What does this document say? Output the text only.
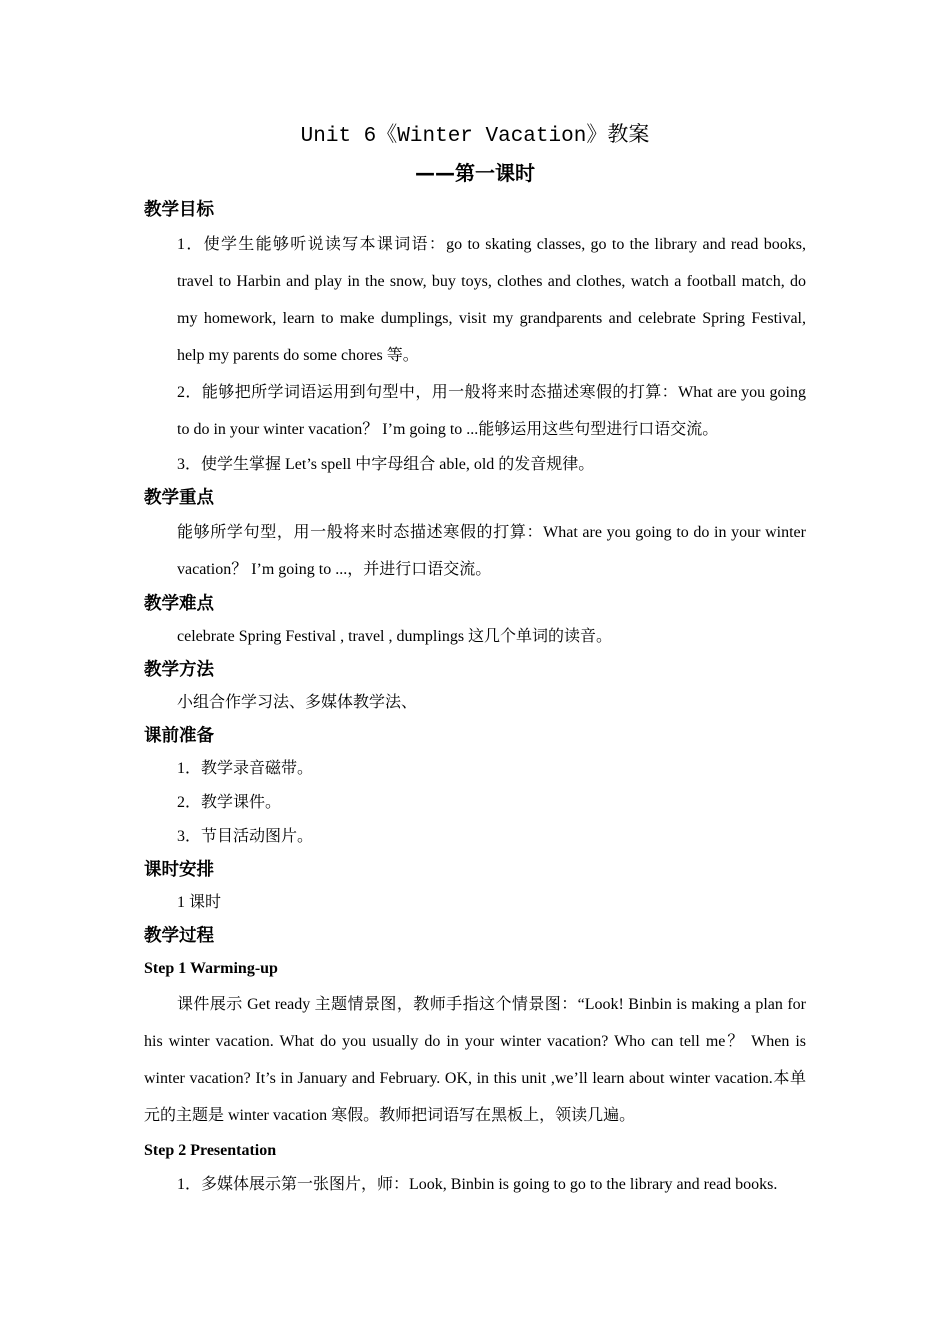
Unit 6《Winter Vacation》教案
——第一课时
教学目标
1．使学生能够听说读写本课词语：go to skating classes, go to the library and read books, travel to Harbin and play in the snow, buy toys, clothes and clothes, watch a football match, do my homework, learn to make dumplings, visit my grandparents and celebrate Spring Festival, help my parents do some chores 等。
2．能够把所学词语运用到句型中，用一般将来时态描述寒假的打算：What are you going to do in your winter vacation？ I’m going to ...能够运用这些句型进行口语交流。
3．使学生掌握 Let’s spell 中字母组合 able, old 的发音规律。
教学重点
能够所学句型，用一般将来时态描述寒假的打算：What are you going to do in your winter vacation？ I’m going to ...，并进行口语交流。
教学难点
celebrate Spring Festival , travel , dumplings 这几个单词的读音。
教学方法
小组合作学习法、多媒体教学法、
课前准备
1．教学录音磁带。
2．教学课件。
3．节目活动图片。
课时安排
1 课时
教学过程
Step 1 Warming-up
课件展示 Get ready 主题情景图，教师手指这个情景图：“Look! Binbin is making a plan for his winter vacation. What do you usually do in your winter vacation? Who can tell me？ When is winter vacation? It’s in January and February. OK, in this unit ,we’ll learn about winter vacation.本单元的主题是 winter vacation 寒假。教师把词语写在黑板上，领读几遍。
Step 2 Presentation
1．多媒体展示第一张图片，师：Look, Binbin is going to go to the library and read books.
